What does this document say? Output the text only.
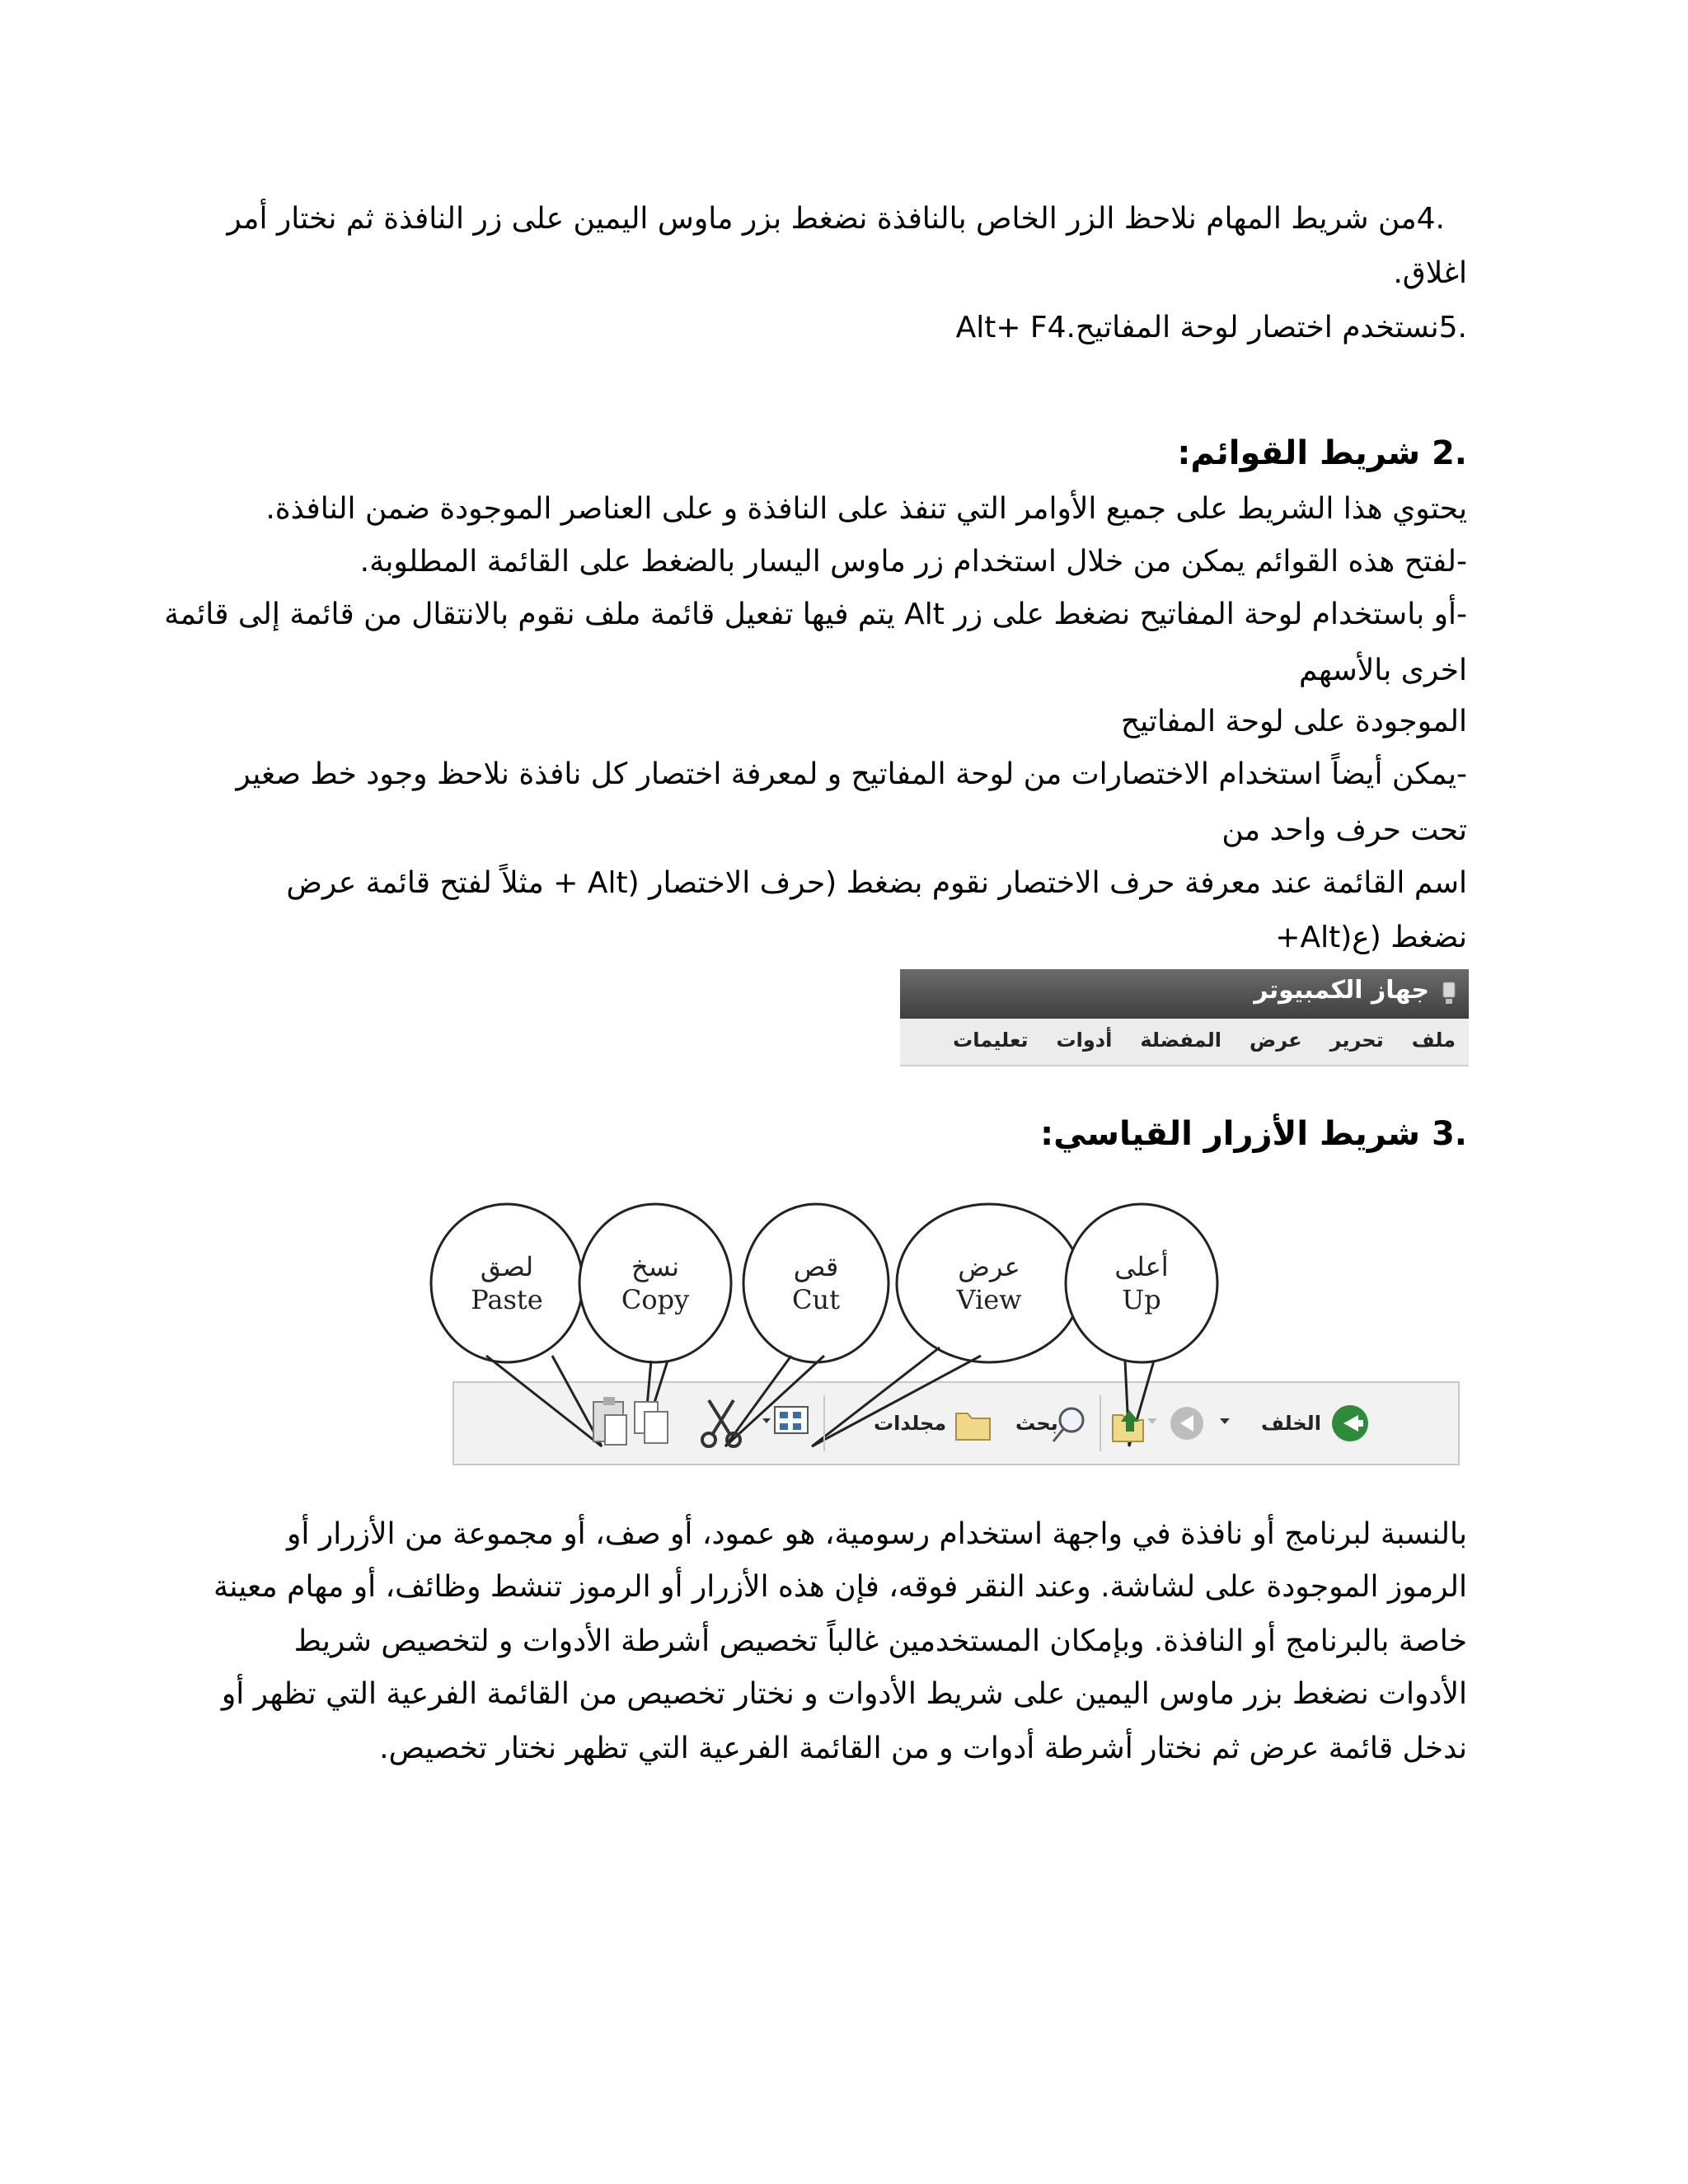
.4من شريط المهام نلاحظ الزر الخاص بالنافذة نضغط بزر ماوس اليمين على زر النافذة ثم نختار أمر
اغلاق.
.5نستخدم اختصار لوحة المفاتيح.Alt+ F4
2. شريط القوائم:
يحتوي هذا الشريط على جميع الأوامر التي تنفذ على النافذة و على العناصر الموجودة ضمن النافذة.
-لفتح هذه القوائم يمكن من خلال استخدام زر ماوس اليسار بالضغط على القائمة المطلوبة.
-أو باستخدام لوحة المفاتيح نضغط على زر Alt يتم فيها تفعيل قائمة ملف نقوم بالانتقال من قائمة إلى قائمة
اخرى بالأسهم
الموجودة على لوحة المفاتيح
-يمكن أيضاً استخدام الاختصارات من لوحة المفاتيح و لمعرفة اختصار كل نافذة نلاحظ وجود خط صغير
تحت حرف واحد من
اسم القائمة عند معرفة حرف الاختصار نقوم بضغط (حرف الاختصار (Alt + مثلاً لفتح قائمة عرض
نضغط (ع(Alt+
جهاز الكمبيوتر
ملف
تحرير
عرض
المفضلة
أدوات
تعليمات
3. شريط الأزرار القياسي:
لصق
Paste
نسخ
Copy
قص
Cut
عرض
View
أعلى
Up
مجلدات	بحث	الخلف
بالنسبة لبرنامج أو نافذة في واجهة استخدام رسومية، هو عمود، أو صف، أو مجموعة من الأزرار أو
الرموز الموجودة على لشاشة. وعند النقر فوقه، فإن هذه الأزرار أو الرموز تنشط وظائف، أو مهام معينة
خاصة بالبرنامج أو النافذة. وبإمكان المستخدمين غالباً تخصيص أشرطة الأدوات و لتخصيص شريط
الأدوات نضغط بزر ماوس اليمين على شريط الأدوات و نختار تخصيص من القائمة الفرعية التي تظهر أو
ندخل قائمة عرض ثم نختار أشرطة أدوات و من القائمة الفرعية التي تظهر نختار تخصيص.
